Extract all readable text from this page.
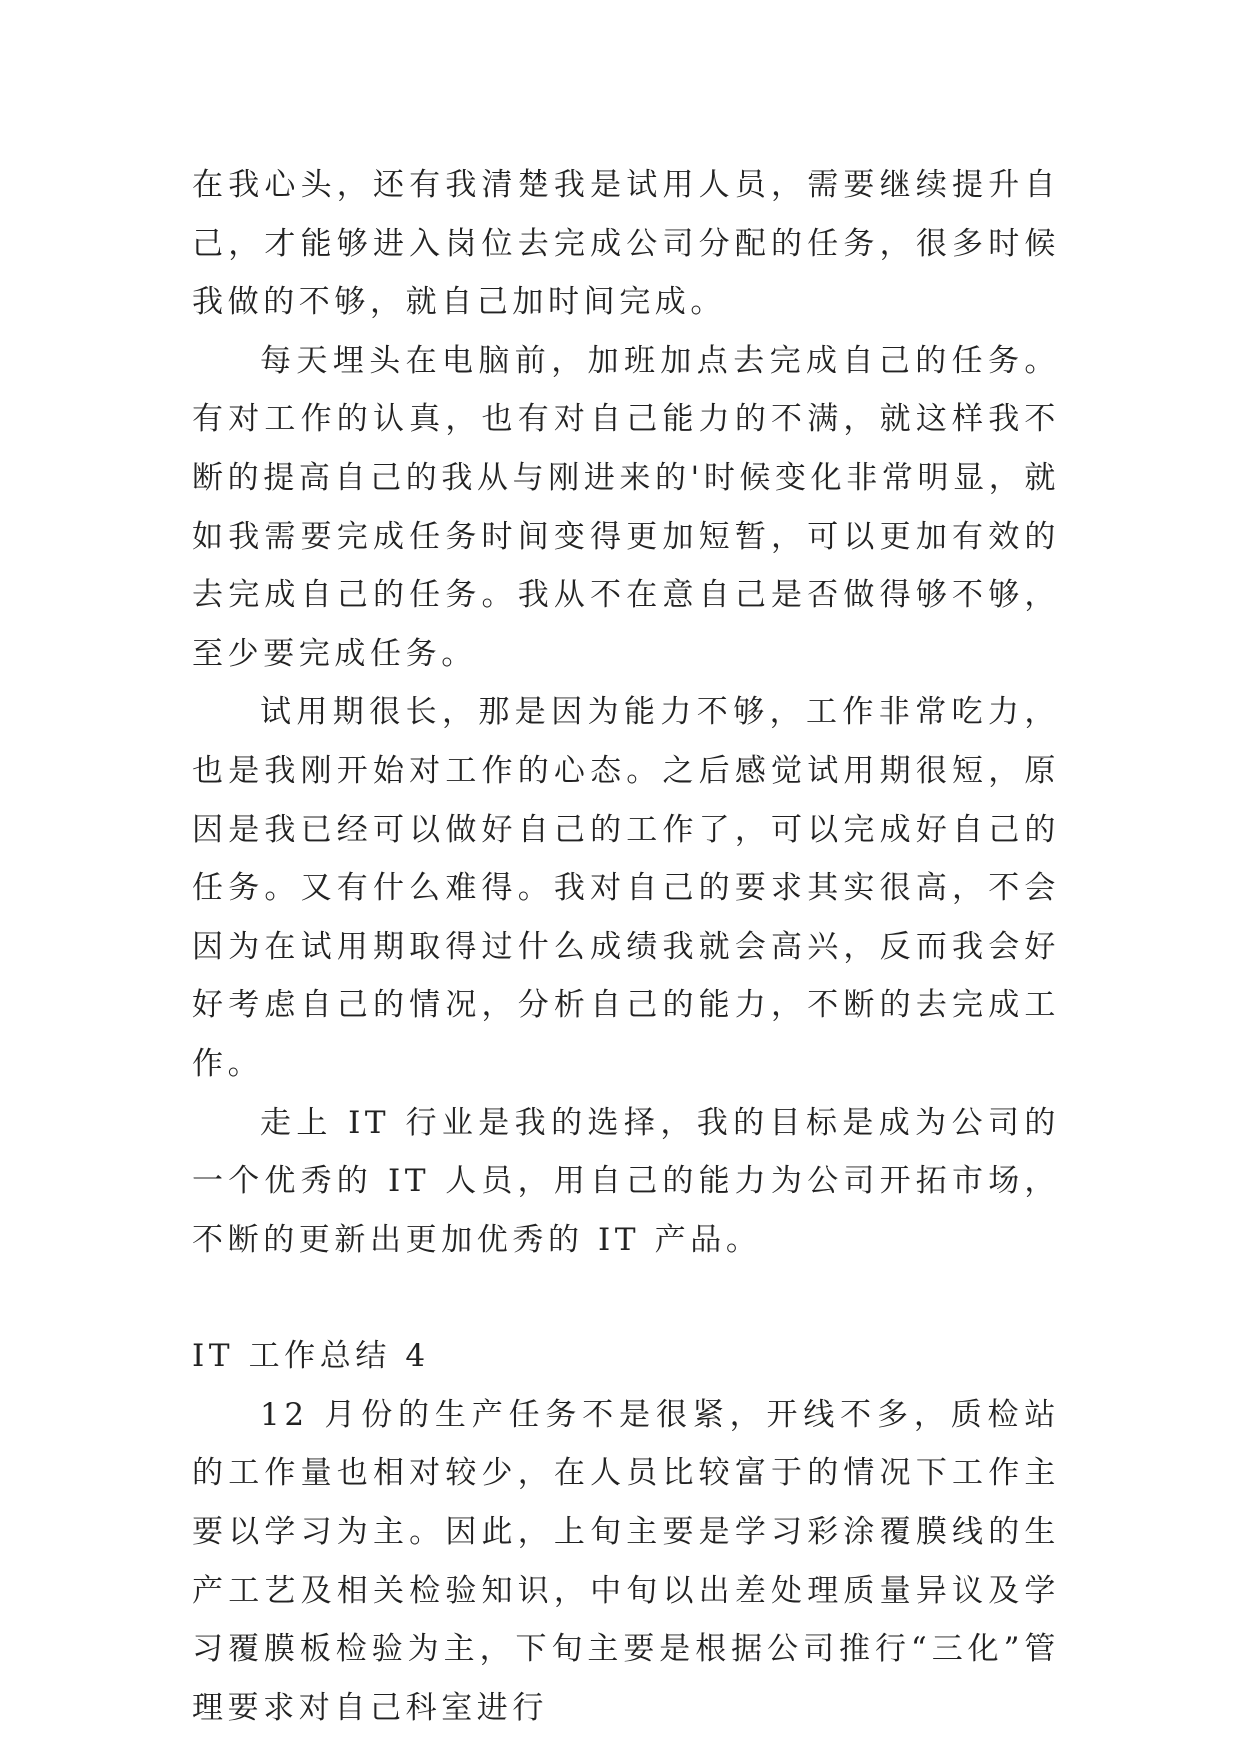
在我心头，还有我清楚我是试用人员，需要继续提升自己，才能够进入岗位去完成公司分配的任务，很多时候我做的不够，就自己加时间完成。

每天埋头在电脑前，加班加点去完成自己的任务。有对工作的认真，也有对自己能力的不满，就这样我不断的提高自己的我从与刚进来的'时候变化非常明显，就如我需要完成任务时间变得更加短暂，可以更加有效的去完成自己的任务。我从不在意自己是否做得够不够，至少要完成任务。

试用期很长，那是因为能力不够，工作非常吃力，也是我刚开始对工作的心态。之后感觉试用期很短，原因是我已经可以做好自己的工作了，可以完成好自己的任务。又有什么难得。我对自己的要求其实很高，不会因为在试用期取得过什么成绩我就会高兴，反而我会好好考虑自己的情况，分析自己的能力，不断的去完成工作。

走上 IT 行业是我的选择，我的目标是成为公司的一个优秀的 IT 人员，用自己的能力为公司开拓市场，不断的更新出更加优秀的 IT 产品。

IT 工作总结 4

12 月份的生产任务不是很紧，开线不多，质检站的工作量也相对较少，在人员比较富于的情况下工作主要以学习为主。因此，上旬主要是学习彩涂覆膜线的生产工艺及相关检验知识，中旬以出差处理质量异议及学习覆膜板检验为主，下旬主要是根据公司推行“三化”管理要求对自己科室进行
